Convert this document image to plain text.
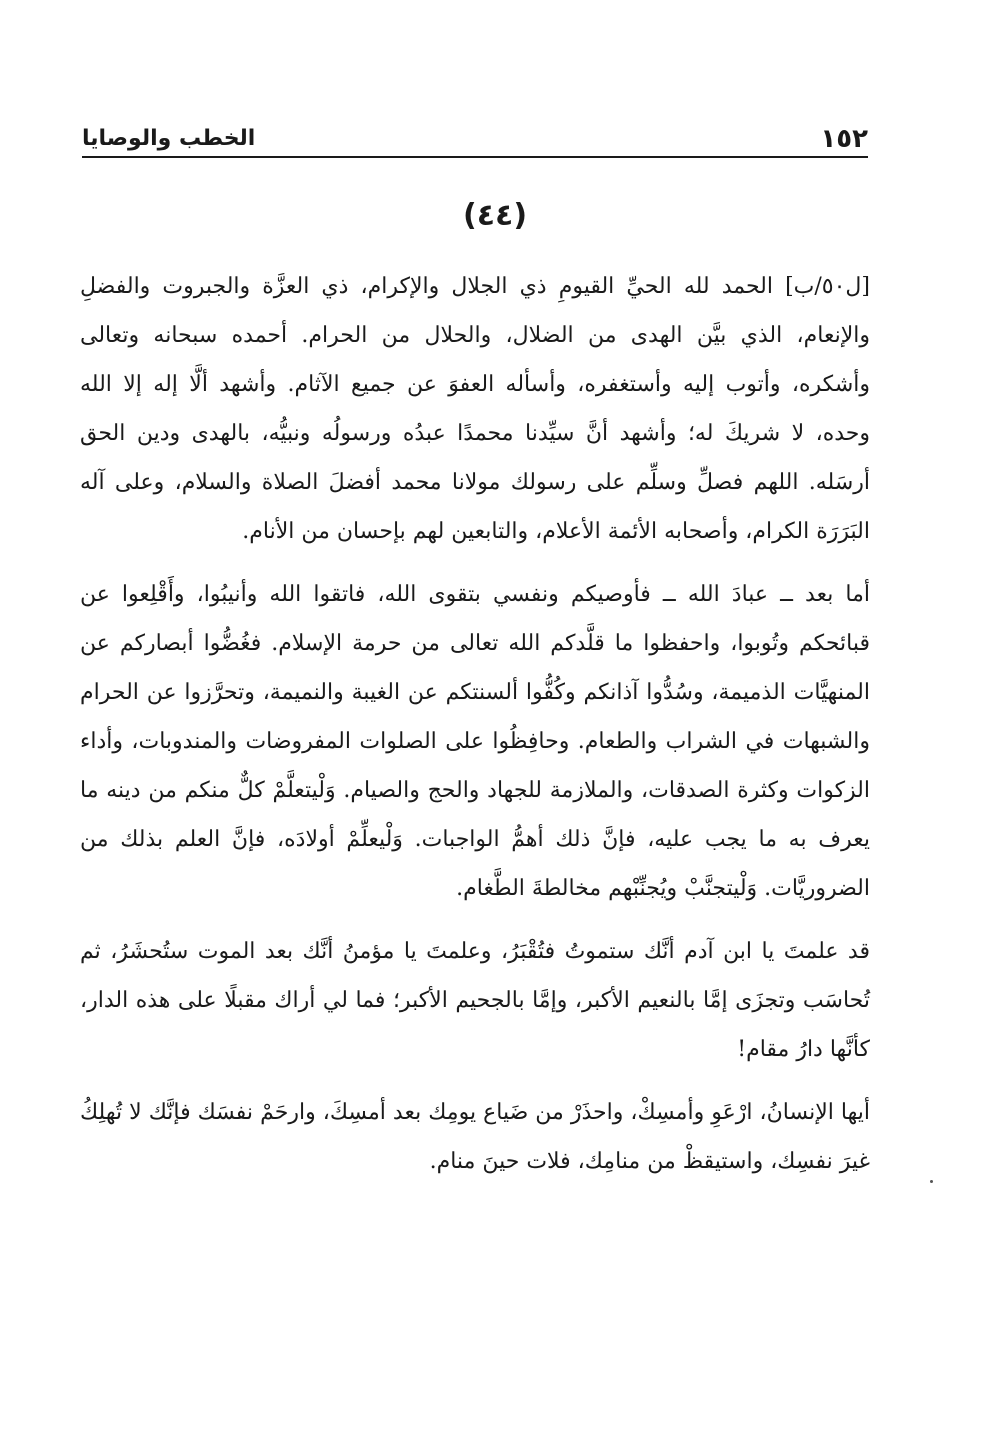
١٥٢
الخطب والوصايا
(٤٤)

[ل٥٠/ب] الحمد لله الحيِّ القيومِ ذي الجلال والإكرام، ذي العزَّة والجبروت والفضلِ والإنعام، الذي بيَّن الهدى من الضلال، والحلال من الحرام. أحمده سبحانه وتعالى وأشكره، وأتوب إليه وأستغفره، وأسأله العفوَ عن جميع الآثام. وأشهد ألَّا إله إلا الله وحده، لا شريكَ له؛ وأشهد أنَّ سيِّدنا محمدًا عبدُه ورسولُه ونبيُّه، بالهدى ودين الحق أرسَله. اللهم فصلِّ وسلِّم على رسولك مولانا محمد أفضلَ الصلاة والسلام، وعلى آله البَرَرَة الكرام، وأصحابه الأئمة الأعلام، والتابعين لهم بإحسان من الأنام.

أما بعد ــ عبادَ الله ــ فأوصيكم ونفسي بتقوى الله، فاتقوا الله وأنيبُوا، وأَقْلِعوا عن قبائحكم وتُوبوا، واحفظوا ما قلَّدكم الله تعالى من حرمة الإسلام. فغُضُّوا أبصاركم عن المنهيَّات الذميمة، وسُدُّوا آذانكم وكُفُّوا ألسنتكم عن الغيبة والنميمة، وتحرَّزوا عن الحرام والشبهات في الشراب والطعام. وحافِظُوا على الصلوات المفروضات والمندوبات، وأداء الزكوات وكثرة الصدقات، والملازمة للجهاد والحج والصيام. وَلْيتعلَّمْ كلٌّ منكم من دينه ما يعرف به ما يجب عليه، فإنَّ ذلك أهمُّ الواجبات. وَلْيعلِّمْ أولادَه، فإنَّ العلم بذلك من الضروريَّات. وَلْيتجنَّبْ ويُجنِّبْهم مخالطةَ الطَّغام.

قد علمتَ يا ابن آدم أنَّك ستموتُ فتُقْبَرُ، وعلمتَ يا مؤمنُ أنَّك بعد الموت ستُحشَرُ، ثم تُحاسَب وتجزَى إمَّا بالنعيم الأكبر، وإمَّا بالجحيم الأكبر؛ فما لي أراك مقبلًا على هذه الدار، كأنَّها دارُ مقام!

أيها الإنسانُ، ارْعَوِ وأمسِكْ، واحذَرْ من ضَياع يومِك بعد أمسِكَ، وارحَمْ نفسَك فإنَّك لا تُهلِكُ غيرَ نفسِك، واستيقظْ من منامِك، فلات حينَ منام.
